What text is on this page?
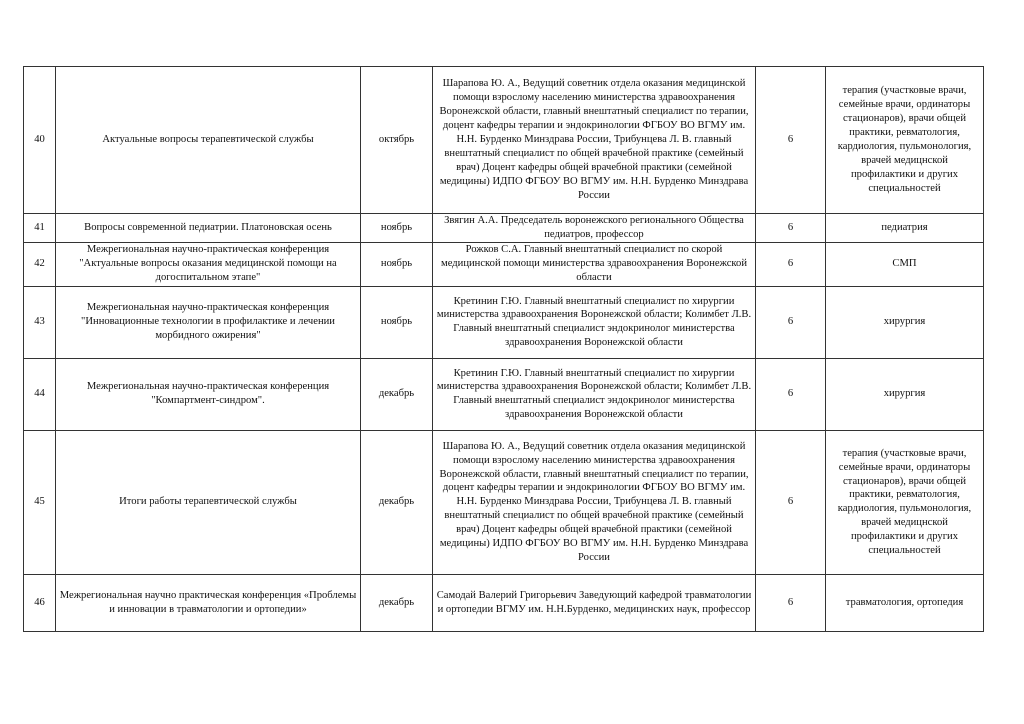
40	Актуальные вопросы терапевтической службы	октябрь	Шарапова Ю. А., Ведущий советник отдела оказания медицинской помощи взрослому населению министерства здравоохранения Воронежской области, главный внештатный специалист по терапии, доцент кафедры терапии и эндокринологии ФГБОУ ВО ВГМУ им. Н.Н. Бурденко Минздрава России, Трибунцева Л. В. главный внештатный специалист по общей врачебной практике (семейный врач) Доцент кафедры общей врачебной практики (семейной медицины) ИДПО ФГБОУ ВО ВГМУ им. Н.Н. Бурденко Минздрава России	6	терапия (участковые врачи, семейные врачи, ординаторы стационаров), врачи общей практики, ревматология, кардиология, пульмонология, врачей медицнской профилактики и других специальностей
41	Вопросы современной педиатрии. Платоновская осень	ноябрь	Звягин А.А. Председатель воронежского регионального Общества педиатров, профессор	6	педиатрия
42	Межрегиональная научно-практическая конференция "Актуальные вопросы оказания медицинской помощи на догоспитальном этапе"	ноябрь	Рожков С.А. Главный внештатный специалист по скорой медицинской помощи министерства здравоохранения Воронежской области	6	СМП
43	Межрегиональная научно-практическая конференция "Инновационные технологии в профилактике и лечении морбидного ожирения"	ноябрь	Кретинин Г.Ю. Главный внештатный специалист по хирургии министерства здравоохранения Воронежской области; Колимбет Л.В. Главный внештатный специалист эндокринолог министерства здравоохранения Воронежской области	6	хирургия
44	Межрегиональная научно-практическая конференция "Компартмент-синдром".	декабрь	Кретинин Г.Ю. Главный внештатный специалист по хирургии министерства здравоохранения Воронежской области; Колимбет Л.В. Главный внештатный специалист эндокринолог министерства здравоохранения Воронежской области	6	хирургия
45	Итоги работы терапевтической службы	декабрь	Шарапова Ю. А., Ведущий советник отдела оказания медицинской помощи взрослому населению министерства здравоохранения Воронежской области, главный внештатный специалист по терапии, доцент кафедры терапии и эндокринологии ФГБОУ ВО ВГМУ им. Н.Н. Бурденко Минздрава России, Трибунцева Л. В. главный внештатный специалист по общей врачебной практике (семейный врач) Доцент кафедры общей врачебной практики (семейной медицины) ИДПО ФГБОУ ВО ВГМУ им. Н.Н. Бурденко Минздрава России	6	терапия (участковые врачи, семейные врачи, ординаторы стационаров), врачи общей практики, ревматология, кардиология, пульмонология, врачей медицнской профилактики и других специальностей
46	Межрегиональная научно практическая конференция «Проблемы и инновации в травматологии и ортопедии»	декабрь	Самодай Валерий Григорьевич Заведующий кафедрой травматологии и ортопедии ВГМУ им. Н.Н.Бурденко, медицинских наук, профессор	6	травматология, ортопедия
